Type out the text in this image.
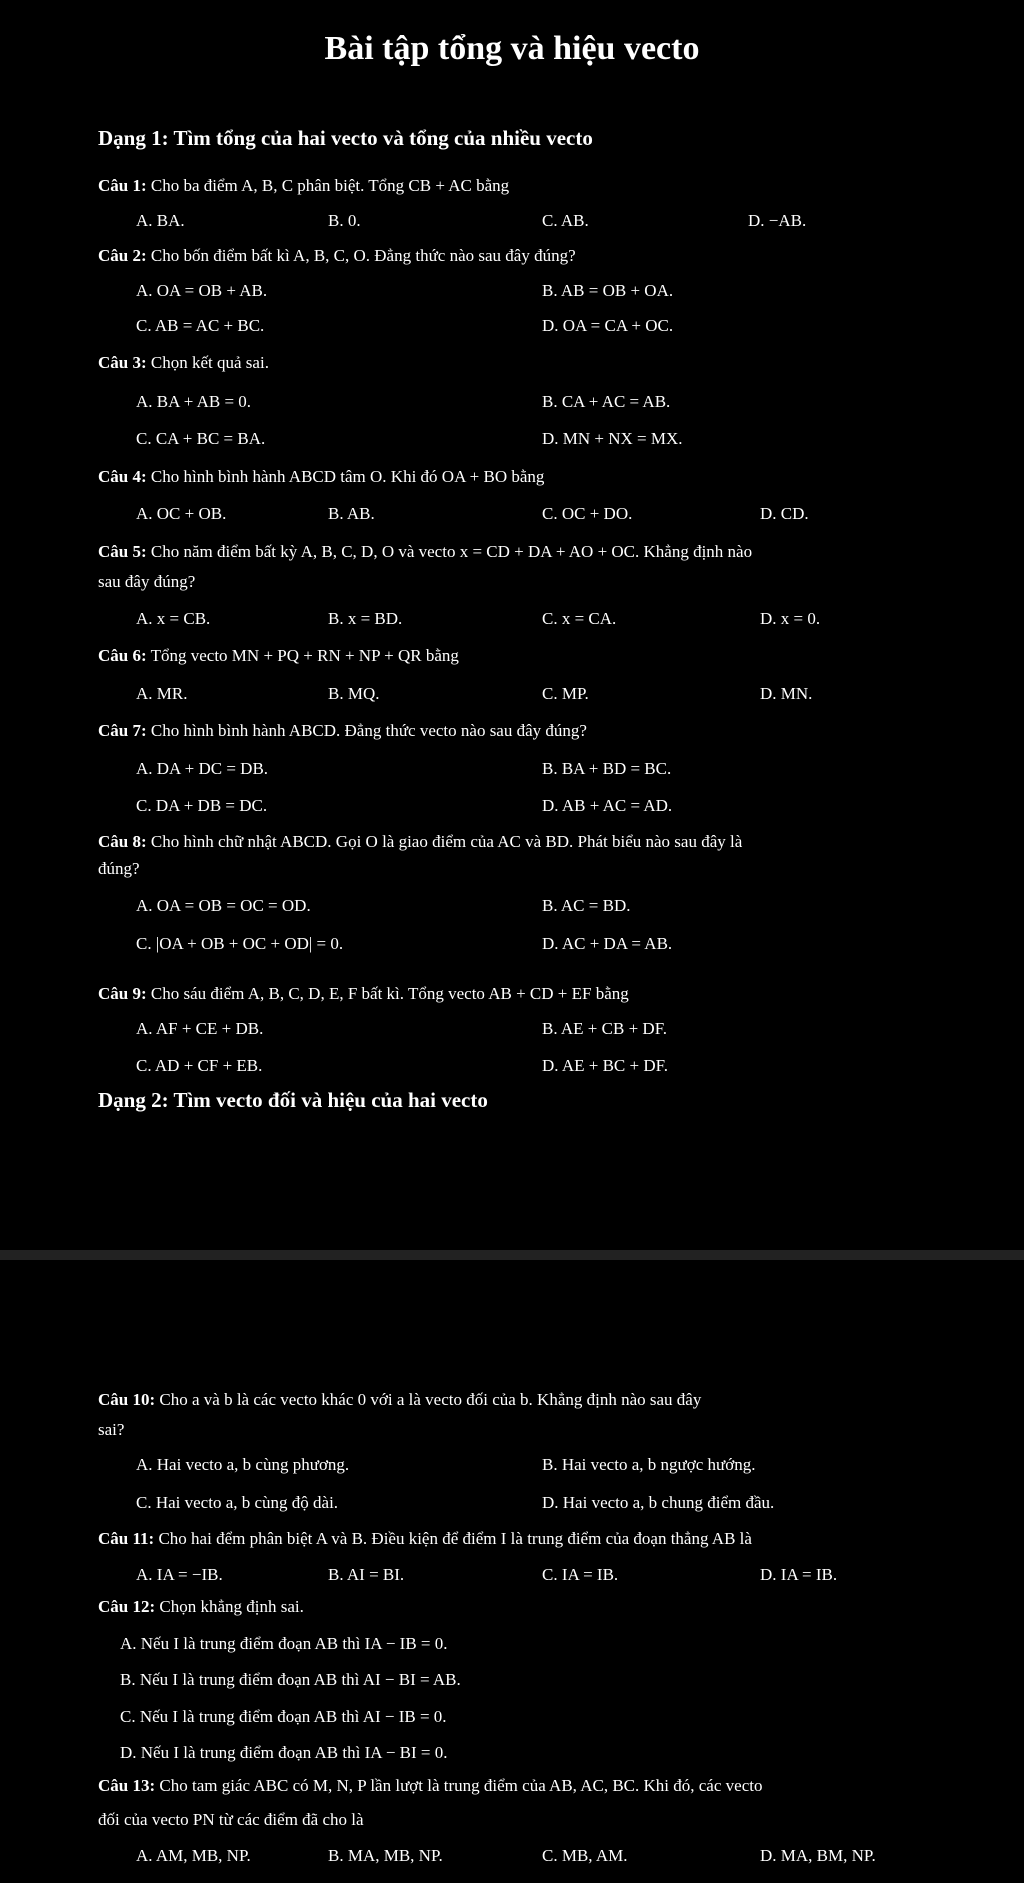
Bài tập tổng và hiệu vecto
Dạng 1: Tìm tổng của hai vecto và tổng của nhiều vecto
Câu 1: Cho ba điểm A, B, C phân biệt. Tổng CB + AC bằng
A. BA.	B. 0.	C. AB.	D. −AB.
Câu 2: Cho bốn điểm bất kì A, B, C, O. Đẳng thức nào sau đây đúng?
A. OA = OB + AB.	B. AB = OB + OA.
C. AB = AC + BC.	D. OA = CA + OC.
Câu 3: Chọn kết quả sai.
A. BA + AB = 0.	B. CA + AC = AB.
C. CA + BC = BA.	D. MN + NX = MX.
Câu 4: Cho hình bình hành ABCD tâm O. Khi đó OA + BO bằng
A. OC + OB.	B. AB.	C. OC + DO.	D. CD.
Câu 5: Cho năm điểm bất kỳ A, B, C, D, O và vecto x = CD + DA + AO + OC. Khẳng định nào
sau đây đúng?
A. x = CB.	B. x = BD.	C. x = CA.	D. x = 0.
Câu 6: Tổng vecto MN + PQ + RN + NP + QR bằng
A. MR.	B. MQ.	C. MP.	D. MN.
Câu 7: Cho hình bình hành ABCD. Đẳng thức vecto nào sau đây đúng?
A. DA + DC = DB.	B. BA + BD = BC.
C. DA + DB = DC.	D. AB + AC = AD.
Câu 8: Cho hình chữ nhật ABCD. Gọi O là giao điểm của AC và BD. Phát biểu nào sau đây là
đúng?
A. OA = OB = OC = OD.	B. AC = BD.
C. |OA + OB + OC + OD| = 0.	D. AC + DA = AB.
Câu 9: Cho sáu điểm A, B, C, D, E, F bất kì. Tổng vecto AB + CD + EF bằng
A. AF + CE + DB.	B. AE + CB + DF.
C. AD + CF + EB.	D. AE + BC + DF.
Dạng 2: Tìm vecto đối và hiệu của hai vecto
Câu 10: Cho a và b là các vecto khác 0 với a là vecto đối của b. Khẳng định nào sau đây
sai?
A. Hai vecto a, b cùng phương.	B. Hai vecto a, b ngược hướng.
C. Hai vecto a, b cùng độ dài.	D. Hai vecto a, b chung điểm đầu.
Câu 11: Cho hai đểm phân biệt A và B. Điều kiện để điểm I là trung điểm của đoạn thẳng AB là
A. IA = −IB.	B. AI = BI.	C. IA = IB.	D. IA = IB.
Câu 12: Chọn khẳng định sai.
A. Nếu I là trung điểm đoạn AB thì IA − IB = 0.
B. Nếu I là trung điểm đoạn AB thì AI − BI = AB.
C. Nếu I là trung điểm đoạn AB thì AI − IB = 0.
D. Nếu I là trung điểm đoạn AB thì IA − BI = 0.
Câu 13: Cho tam giác ABC có M, N, P lần lượt là trung điểm của AB, AC, BC. Khi đó, các vecto
đối của vecto PN từ các điểm đã cho là
A. AM, MB, NP.	B. MA, MB, NP.	C. MB, AM.	D. MA, BM, NP.
